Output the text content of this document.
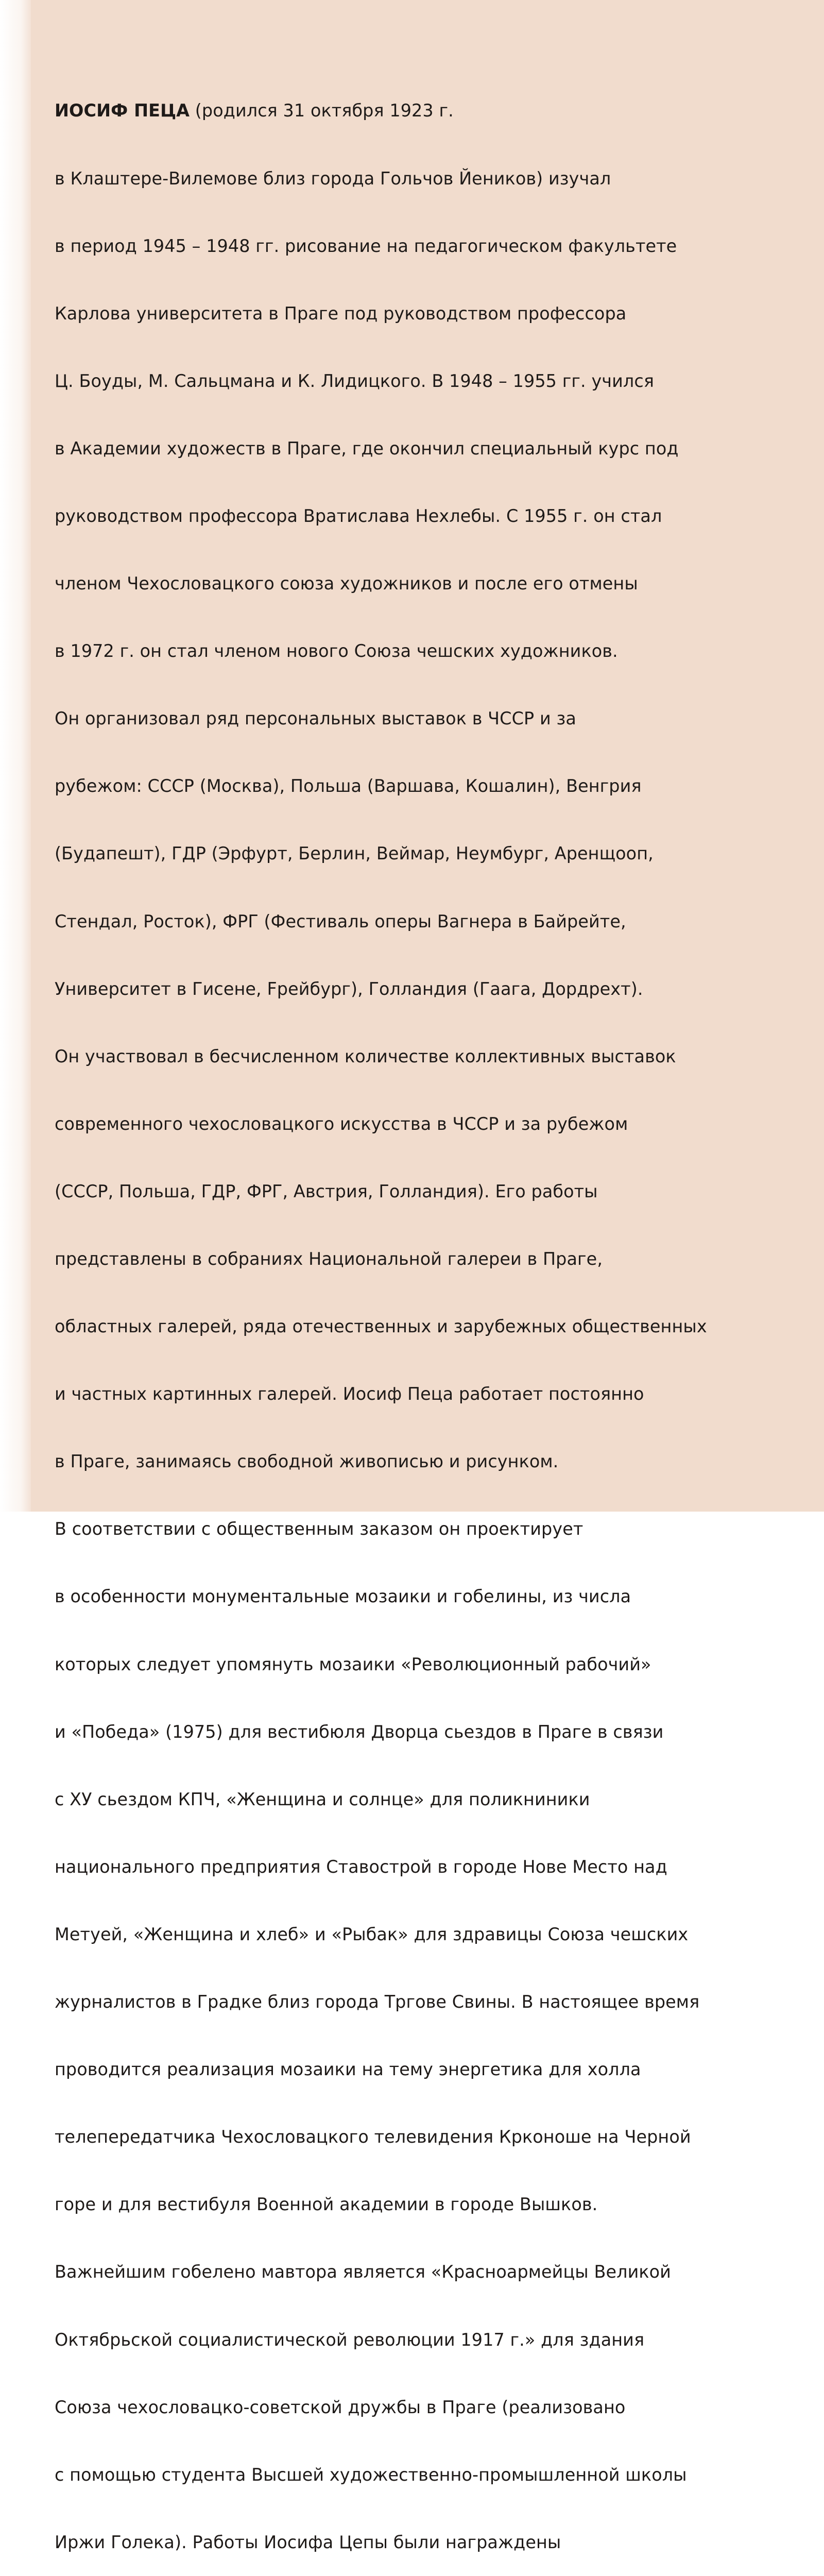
ИОСИФ ПЕЦА (родился 31 октября 1923 г.

в Клаштере-Вилемове близ города Гольчов Йеников) изучал

в период 1945 – 1948 гг. рисование на педагогическом факультете

Карлова университета в Праге под руководством профессора

Ц. Боуды, М. Сальцмана и К. Лидицкого. В 1948 – 1955 гг. учился

в Академии художеств в Праге, где окончил специальный курс под

руководством профессора Вратислава Нехлебы. С 1955 г. он стал

членом Чехословацкого союза художников и после его отмены

в 1972 г. он стал членом нового Союза чешских художников.

Он организовал ряд персональных выставок в ЧССР и за

рубежом: СССР (Москва), Польша (Варшава, Кошалин), Венгрия

(Будапешт), ГДР (Эрфурт, Берлин, Веймар, Неумбург, Аренщооп,

Стендал, Росток), ФРГ (Фестиваль оперы Вагнера в Байрейте,

Университет в Гисене, Fрейбург), Голландия (Гаага, Дордрехт).

Он участвовал в бесчисленном количестве коллективных выставок

современного чехословацкого искусства в ЧССР и за рубежом

(СССР, Польша, ГДР, ФРГ, Австрия, Голландия). Его работы

представлены в собраниях Национальной галереи в Праге,

областных галерей, ряда отечественных и зарубежных общественных

и частных картинных галерей. Иосиф Пеца работает постоянно

в Праге, занимаясь свободной живописью и рисунком.

В соответствии с общественным заказом он проектирует

в особенности монументальные мозаики и гобелины, из числа

которых следует упомянуть мозаики «Революционный рабочий»

и «Победа» (1975) для вестибюля Дворца сьездов в Праге в связи

с ХУ сьездом КПЧ, «Женщина и солнце» для поликниники

национального предприятия Ставострой в городе Нове Место над

Метуей, «Женщина и хлеб» и «Рыбак» для здравицы Союза чешских

журналистов в Градке близ города Тргове Свины. В настоящее время

проводится реализация мозаики на тему энергетика для холла

телепередатчика Чехословацкого телевидения Крконоше на Черной

горе и для вестибуля Военной академии в городе Вышков.

Важнейшим гобелено мавтора является «Красноармейцы Великой

Октябрьской социалистической революции 1917 г.» для здания

Союза чехословацко-советской дружбы в Праге (реализовано

с помощью студента Высшей художественно-промышленной школы

Иржи Голека). Работы Иосифа Цепы были награждены
